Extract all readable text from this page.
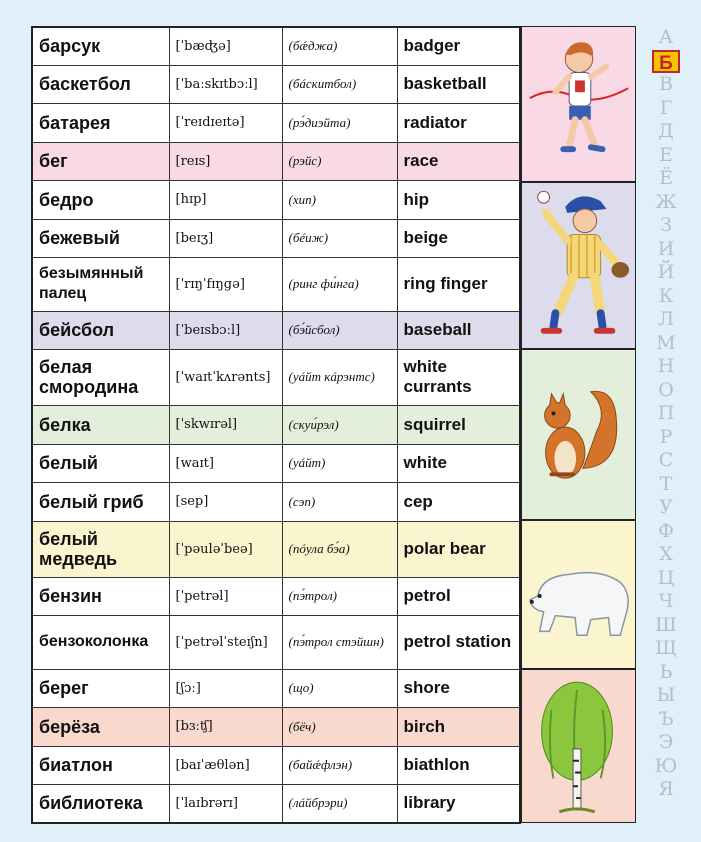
барсук	[ˈbæʤə]	(бǽджа)	badger
баскетбол	[ˈbaːskɪtbɔːl]	(бáскитбол)	basketball
батарея	[ˈreɪdɪeɪtə]	(рэ́диэйта)	radiator
бег	[reɪs]	(рэйс)	race
бедро	[hɪp]	(хип)	hip
бежевый	[beɪʒ]	(бéиж)	beige
безымянный палец	[ˈrɪŋˈfɪŋgə]	(ринг фи́нга)	ring finger
бейсбол	[ˈbeɪsbɔːl]	(бэ́йсбол)	baseball
белая смородина	[ˈwaɪtˈkʌrənts]	(уáйт кáрэнтс)	white currants
белка	[ˈskwɪrəl]	(скуи́рэл)	squirrel
белый	[waɪt]	(уáйт)	white
белый гриб	[sep]	(сэп)	cep
белый медведь	[ˈpəuləˈbeə]	(пóула бэ́а)	polar bear
бензин	[ˈpetrəl]	(пэ́трол)	petrol
бензоколонка	[ˈpetrəlˈsteɪʃn]	(пэ́трол стэйшн)	petrol station
берег	[ʃɔː]	(що)	shore
берёза	[bɜːʧ]	(бёч)	birch
биатлон	[baɪˈæθlən]	(байǽфлэн)	biathlon
библиотека	[ˈlaɪbrərɪ]	(лáйбрэри)	library
А
Б
В
Г
Д
Е
Ё
Ж
З
И
Й
К
Л
М
Н
О
П
Р
С
Т
У
Ф
Х
Ц
Ч
Ш
Щ
Ь
Ы
Ъ
Э
Ю
Я
